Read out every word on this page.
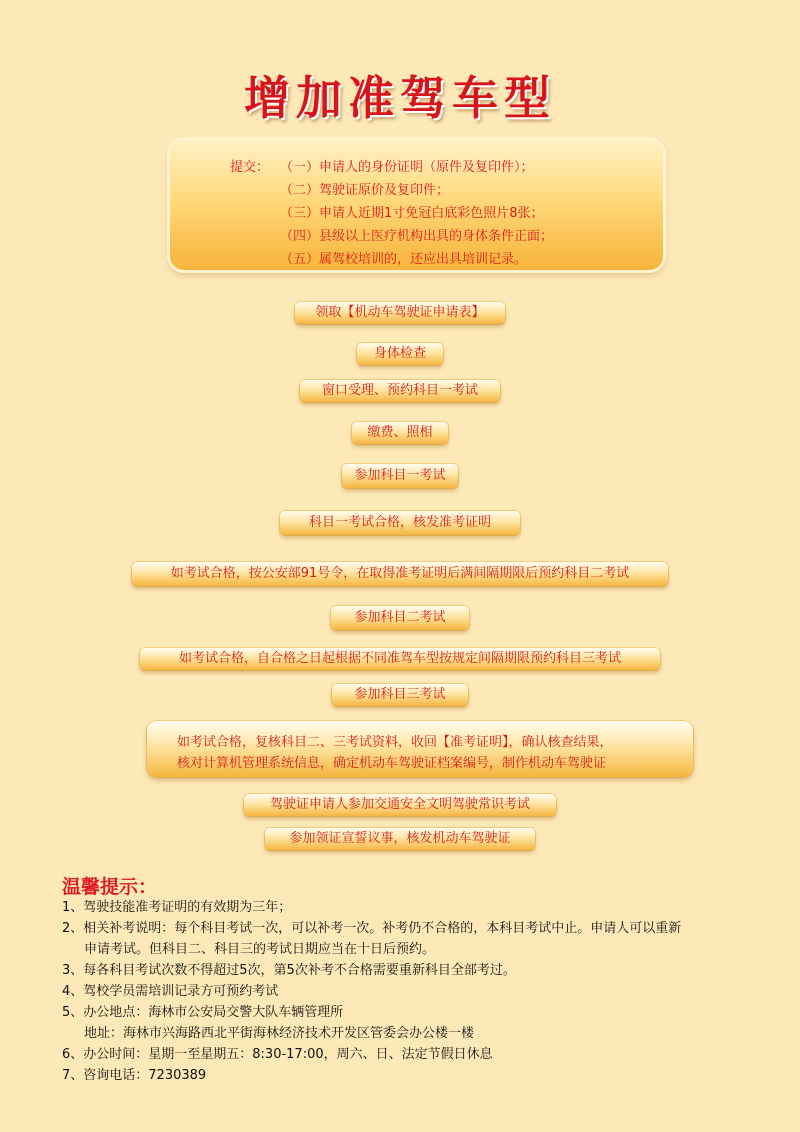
增加准驾车型
提交： （一）申请人的身份证明（原件及复印件）；
（二）驾驶证原价及复印件；
（三）申请人近期1寸免冠白底彩色照片8张；
（四）县级以上医疗机构出具的身体条件正面；
（五）属驾校培训的，还应出具培训记录。
领取【机动车驾驶证申请表】
身体检查
窗口受理、预约科目一考试
缴费、照相
参加科目一考试
科目一考试合格，核发准考证明
如考试合格，按公安部91号令，在取得准考证明后满间隔期限后预约科目二考试
参加科目二考试
如考试合格，自合格之日起根据不同准驾车型按规定间隔期限预约科目三考试
参加科目三考试
如考试合格，复核科目二、三考试资料，收回【准考证明】，确认核查结果，
核对计算机管理系统信息，确定机动车驾驶证档案编号，制作机动车驾驶证
驾驶证申请人参加交通安全文明驾驶常识考试
参加领证宣誓议事，核发机动车驾驶证
温馨提示：
1、驾驶技能准考证明的有效期为三年；
2、相关补考说明：每个科目考试一次，可以补考一次。补考仍不合格的，本科目考试中止。申请人可以重新
申请考试。但科目二、科目三的考试日期应当在十日后预约。
3、每各科目考试次数不得超过5次，第5次补考不合格需要重新科目全部考过。
4、驾校学员需培训记录方可预约考试
5、办公地点：海林市公安局交警大队车辆管理所
地址：海林市兴海路西北平街海林经济技术开发区管委会办公楼一楼
6、办公时间：星期一至星期五：8:30-17:00，周六、日、法定节假日休息
7、咨询电话：7230389
